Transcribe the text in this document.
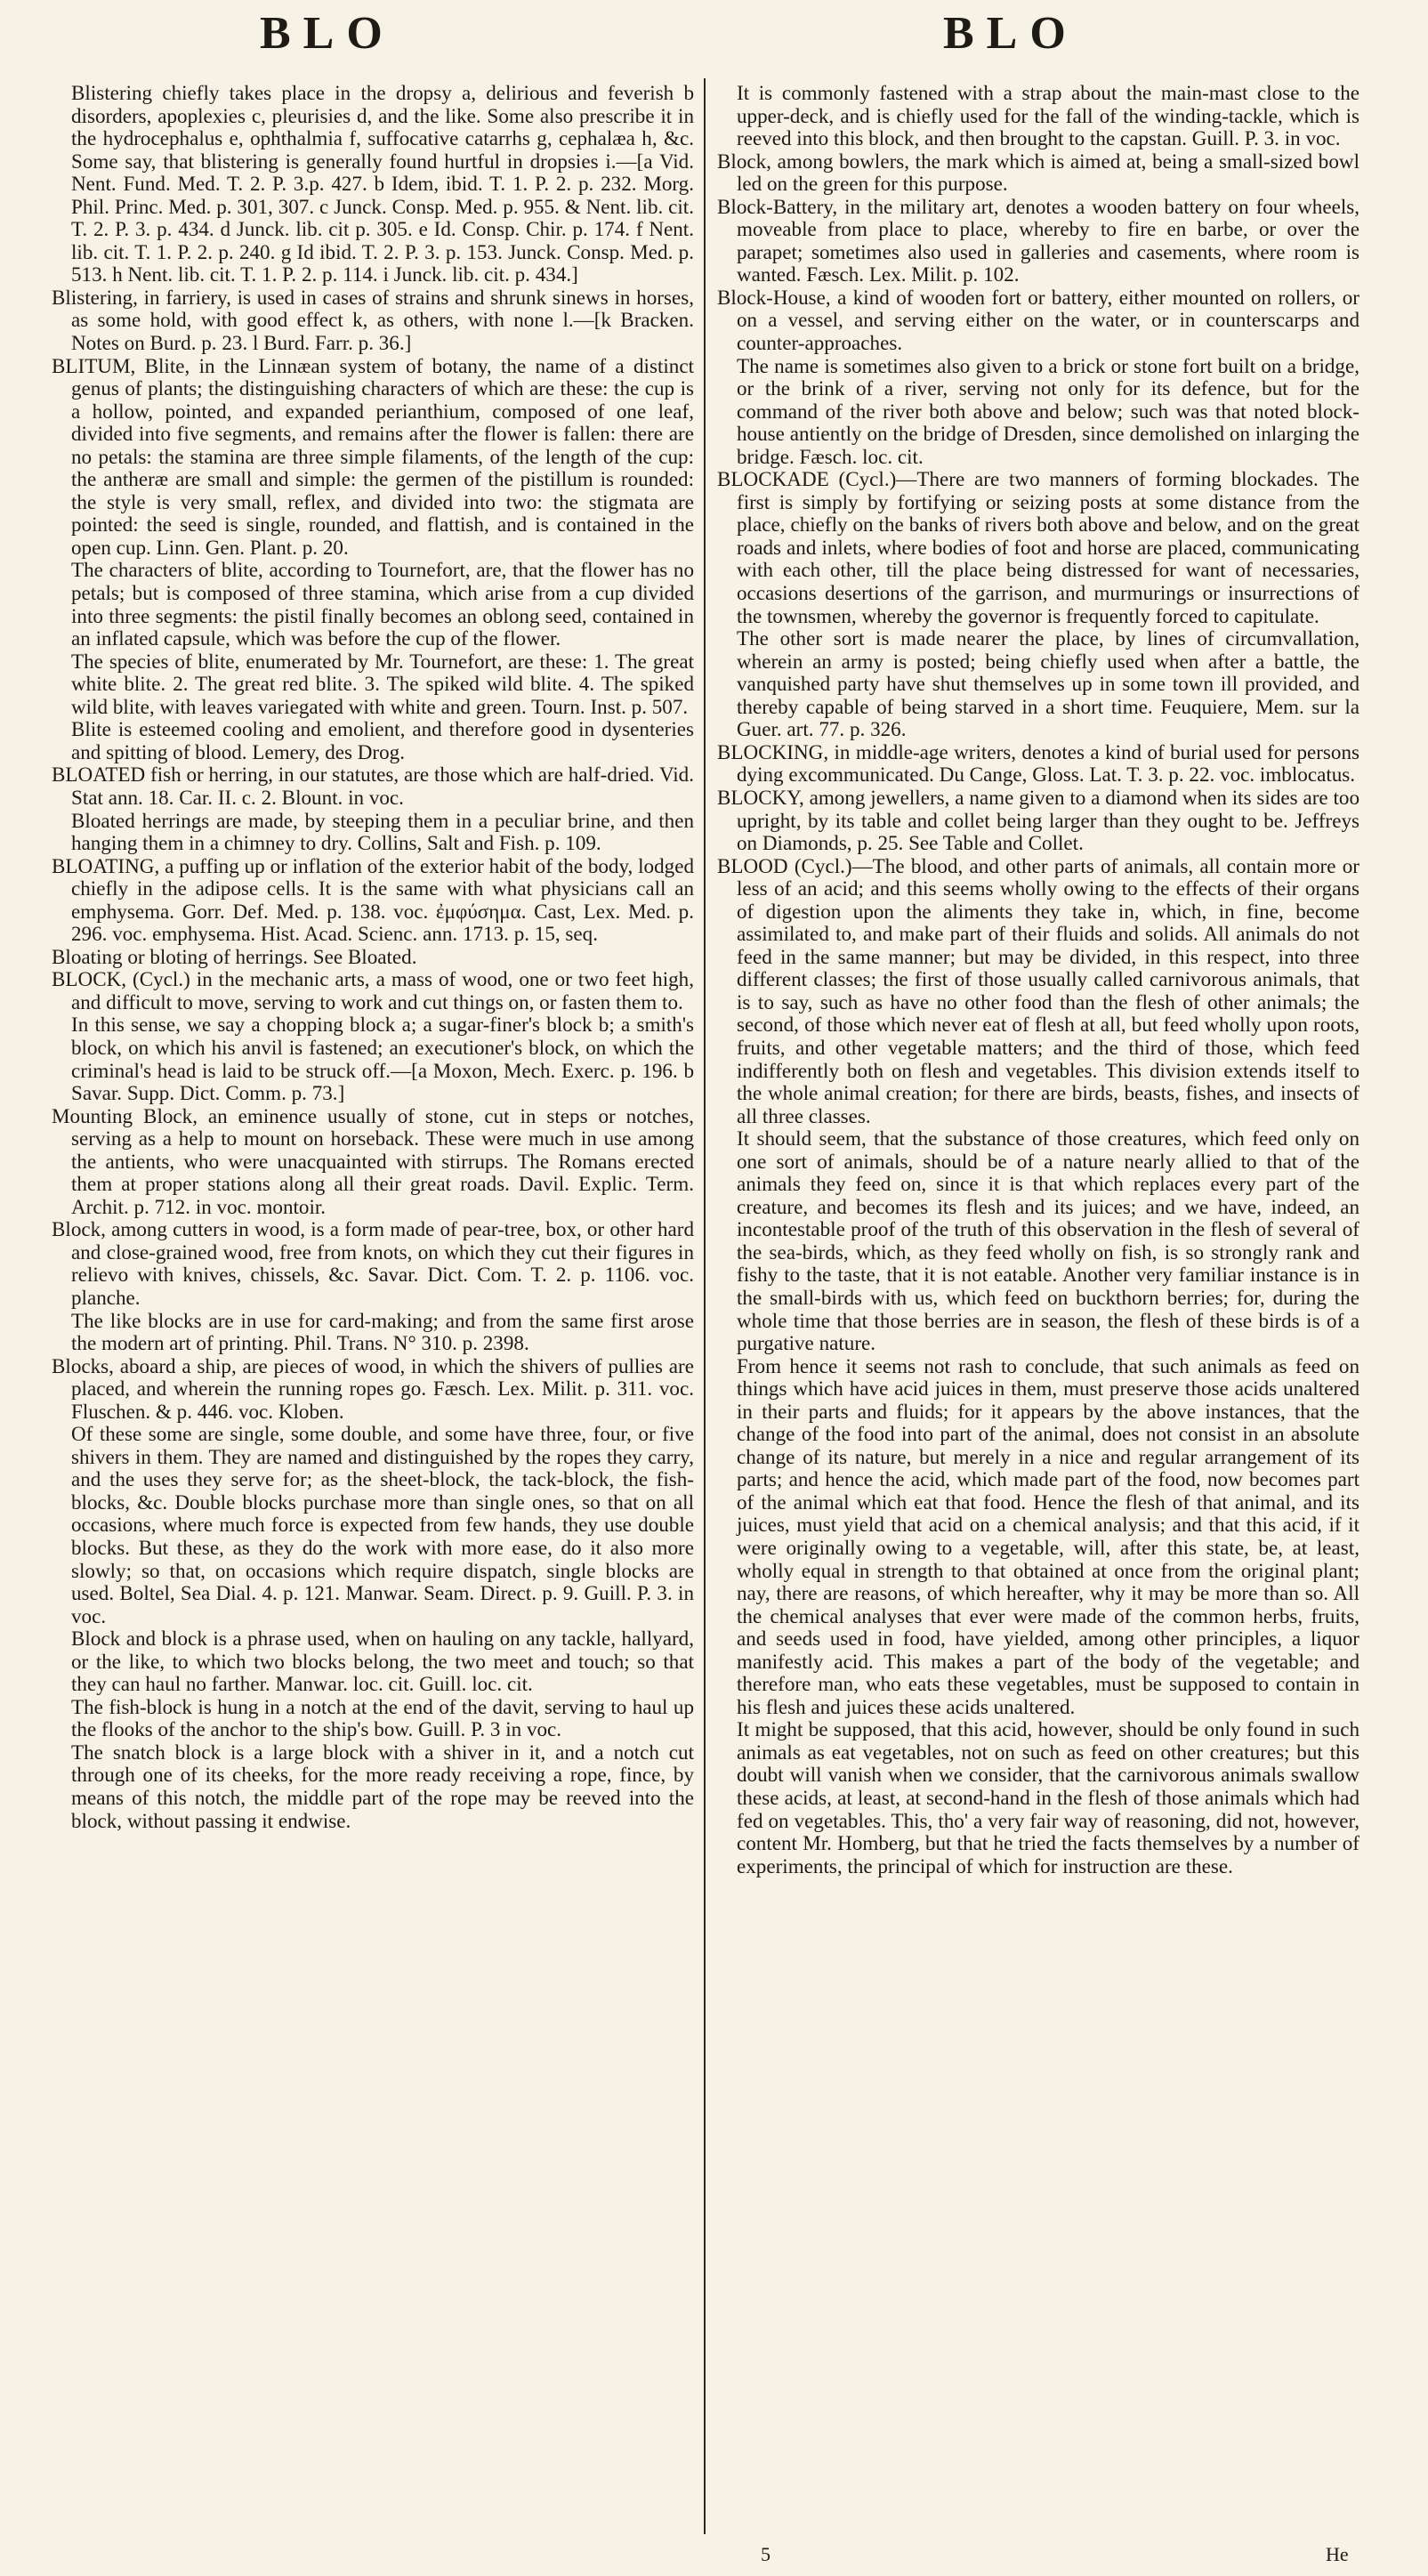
BLO	BLO

Blistering chiefly takes place in the dropsy a, delirious and feverish b disorders, apoplexies c, pleurisies d, and the like. Some also prescribe it in the hydrocephalus e, ophthalmia f, suffocative catarrhs g, cephalæa h, &c. Some say, that blistering is generally found hurtful in dropsies i.—[a Vid. Nent. Fund. Med. T. 2. P. 3.p. 427. b Idem, ibid. T. 1. P. 2. p. 232. Morg. Phil. Princ. Med. p. 301, 307. c Junck. Consp. Med. p. 955. & Nent. lib. cit. T. 2. P. 3. p. 434. d Junck. lib. cit p. 305. e Id. Consp. Chir. p. 174. f Nent. lib. cit. T. 1. P. 2. p. 240. g Id ibid. T. 2. P. 3. p. 153. Junck. Consp. Med. p. 513. h Nent. lib. cit. T. 1. P. 2. p. 114. i Junck. lib. cit. p. 434.]

Blistering, in farriery, is used in cases of strains and shrunk sinews in horses, as some hold, with good effect k, as others, with none l.—[k Bracken. Notes on Burd. p. 23. l Burd. Farr. p. 36.]

BLITUM, Blite, in the Linnæan system of botany, the name of a distinct genus of plants; the distinguishing characters of which are these: the cup is a hollow, pointed, and expanded perianthium, composed of one leaf, divided into five segments, and remains after the flower is fallen: there are no petals: the stamina are three simple filaments, of the length of the cup: the antheræ are small and simple: the germen of the pistillum is rounded: the style is very small, reflex, and divided into two: the stigmata are pointed: the seed is single, rounded, and flattish, and is contained in the open cup. Linn. Gen. Plant. p. 20.

The characters of blite, according to Tournefort, are, that the flower has no petals; but is composed of three stamina, which arise from a cup divided into three segments: the pistil finally becomes an oblong seed, contained in an inflated capsule, which was before the cup of the flower.

The species of blite, enumerated by Mr. Tournefort, are these: 1. The great white blite. 2. The great red blite. 3. The spiked wild blite. 4. The spiked wild blite, with leaves variegated with white and green. Tourn. Inst. p. 507.

Blite is esteemed cooling and emolient, and therefore good in dysenteries and spitting of blood. Lemery, des Drog.

BLOATED fish or herring, in our statutes, are those which are half-dried. Vid. Stat ann. 18. Car. II. c. 2. Blount. in voc.

Bloated herrings are made, by steeping them in a peculiar brine, and then hanging them in a chimney to dry. Collins, Salt and Fish. p. 109.

BLOATING, a puffing up or inflation of the exterior habit of the body, lodged chiefly in the adipose cells. It is the same with what physicians call an emphysema. Gorr. Def. Med. p. 138. voc. ἐμφύσημα. Cast, Lex. Med. p. 296. voc. emphysema. Hist. Acad. Scienc. ann. 1713. p. 15, seq.

Bloating or bloting of herrings. See Bloated.

BLOCK, (Cycl.) in the mechanic arts, a mass of wood, one or two feet high, and difficult to move, serving to work and cut things on, or fasten them to.

In this sense, we say a chopping block a; a sugar-finer's block b; a smith's block, on which his anvil is fastened; an executioner's block, on which the criminal's head is laid to be struck off.—[a Moxon, Mech. Exerc. p. 196. b Savar. Supp. Dict. Comm. p. 73.]

Mounting Block, an eminence usually of stone, cut in steps or notches, serving as a help to mount on horseback. These were much in use among the antients, who were unacquainted with stirrups. The Romans erected them at proper stations along all their great roads. Davil. Explic. Term. Archit. p. 712. in voc. montoir.

Block, among cutters in wood, is a form made of pear-tree, box, or other hard and close-grained wood, free from knots, on which they cut their figures in relievo with knives, chissels, &c. Savar. Dict. Com. T. 2. p. 1106. voc. planche.

The like blocks are in use for card-making; and from the same first arose the modern art of printing. Phil. Trans. N° 310. p. 2398.

Blocks, aboard a ship, are pieces of wood, in which the shivers of pullies are placed, and wherein the running ropes go. Fæsch. Lex. Milit. p. 311. voc. Fluschen. & p. 446. voc. Kloben.

Of these some are single, some double, and some have three, four, or five shivers in them. They are named and distinguished by the ropes they carry, and the uses they serve for; as the sheet-block, the tack-block, the fish-blocks, &c. Double blocks purchase more than single ones, so that on all occasions, where much force is expected from few hands, they use double blocks. But these, as they do the work with more ease, do it also more slowly; so that, on occasions which require dispatch, single blocks are used. Boltel, Sea Dial. 4. p. 121. Manwar. Seam. Direct. p. 9. Guill. P. 3. in voc.

Block and block is a phrase used, when on hauling on any tackle, hallyard, or the like, to which two blocks belong, the two meet and touch; so that they can haul no farther. Manwar. loc. cit. Guill. loc. cit.

The fish-block is hung in a notch at the end of the davit, serving to haul up the flooks of the anchor to the ship's bow. Guill. P. 3 in voc.

The snatch block is a large block with a shiver in it, and a notch cut through one of its cheeks, for the more ready receiving a rope, fince, by means of this notch, the middle part of the rope may be reeved into the block, without passing it endwise.

It is commonly fastened with a strap about the main-mast close to the upper-deck, and is chiefly used for the fall of the winding-tackle, which is reeved into this block, and then brought to the capstan. Guill. P. 3. in voc.

Block, among bowlers, the mark which is aimed at, being a small-sized bowl led on the green for this purpose.

Block-Battery, in the military art, denotes a wooden battery on four wheels, moveable from place to place, whereby to fire en barbe, or over the parapet; sometimes also used in galleries and casements, where room is wanted. Fæsch. Lex. Milit. p. 102.

Block-House, a kind of wooden fort or battery, either mounted on rollers, or on a vessel, and serving either on the water, or in counterscarps and counter-approaches.

The name is sometimes also given to a brick or stone fort built on a bridge, or the brink of a river, serving not only for its defence, but for the command of the river both above and below; such was that noted block-house antiently on the bridge of Dresden, since demolished on inlarging the bridge. Fæsch. loc. cit.

BLOCKADE (Cycl.)—There are two manners of forming blockades. The first is simply by fortifying or seizing posts at some distance from the place, chiefly on the banks of rivers both above and below, and on the great roads and inlets, where bodies of foot and horse are placed, communicating with each other, till the place being distressed for want of necessaries, occasions desertions of the garrison, and murmurings or insurrections of the townsmen, whereby the governor is frequently forced to capitulate.

The other sort is made nearer the place, by lines of circumvallation, wherein an army is posted; being chiefly used when after a battle, the vanquished party have shut themselves up in some town ill provided, and thereby capable of being starved in a short time. Feuquiere, Mem. sur la Guer. art. 77. p. 326.

BLOCKING, in middle-age writers, denotes a kind of burial used for persons dying excommunicated. Du Cange, Gloss. Lat. T. 3. p. 22. voc. imblocatus.

BLOCKY, among jewellers, a name given to a diamond when its sides are too upright, by its table and collet being larger than they ought to be. Jeffreys on Diamonds, p. 25. See Table and Collet.

BLOOD (Cycl.)—The blood, and other parts of animals, all contain more or less of an acid; and this seems wholly owing to the effects of their organs of digestion upon the aliments they take in, which, in fine, become assimilated to, and make part of their fluids and solids. All animals do not feed in the same manner; but may be divided, in this respect, into three different classes; the first of those usually called carnivorous animals, that is to say, such as have no other food than the flesh of other animals; the second, of those which never eat of flesh at all, but feed wholly upon roots, fruits, and other vegetable matters; and the third of those, which feed indifferently both on flesh and vegetables. This division extends itself to the whole animal creation; for there are birds, beasts, fishes, and insects of all three classes.

It should seem, that the substance of those creatures, which feed only on one sort of animals, should be of a nature nearly allied to that of the animals they feed on, since it is that which replaces every part of the creature, and becomes its flesh and its juices; and we have, indeed, an incontestable proof of the truth of this observation in the flesh of several of the sea-birds, which, as they feed wholly on fish, is so strongly rank and fishy to the taste, that it is not eatable. Another very familiar instance is in the small-birds with us, which feed on buckthorn berries; for, during the whole time that those berries are in season, the flesh of these birds is of a purgative nature.

From hence it seems not rash to conclude, that such animals as feed on things which have acid juices in them, must preserve those acids unaltered in their parts and fluids; for it appears by the above instances, that the change of the food into part of the animal, does not consist in an absolute change of its nature, but merely in a nice and regular arrangement of its parts; and hence the acid, which made part of the food, now becomes part of the animal which eat that food. Hence the flesh of that animal, and its juices, must yield that acid on a chemical analysis; and that this acid, if it were originally owing to a vegetable, will, after this state, be, at least, wholly equal in strength to that obtained at once from the original plant; nay, there are reasons, of which hereafter, why it may be more than so. All the chemical analyses that ever were made of the common herbs, fruits, and seeds used in food, have yielded, among other principles, a liquor manifestly acid. This makes a part of the body of the vegetable; and therefore man, who eats these vegetables, must be supposed to contain in his flesh and juices these acids unaltered.

It might be supposed, that this acid, however, should be only found in such animals as eat vegetables, not on such as feed on other creatures; but this doubt will vanish when we consider, that the carnivorous animals swallow these acids, at least, at second-hand in the flesh of those animals which had fed on vegetables. This, tho' a very fair way of reasoning, did not, however, content Mr. Homberg, but that he tried the facts themselves by a number of experiments, the principal of which for instruction are these.

5	He
